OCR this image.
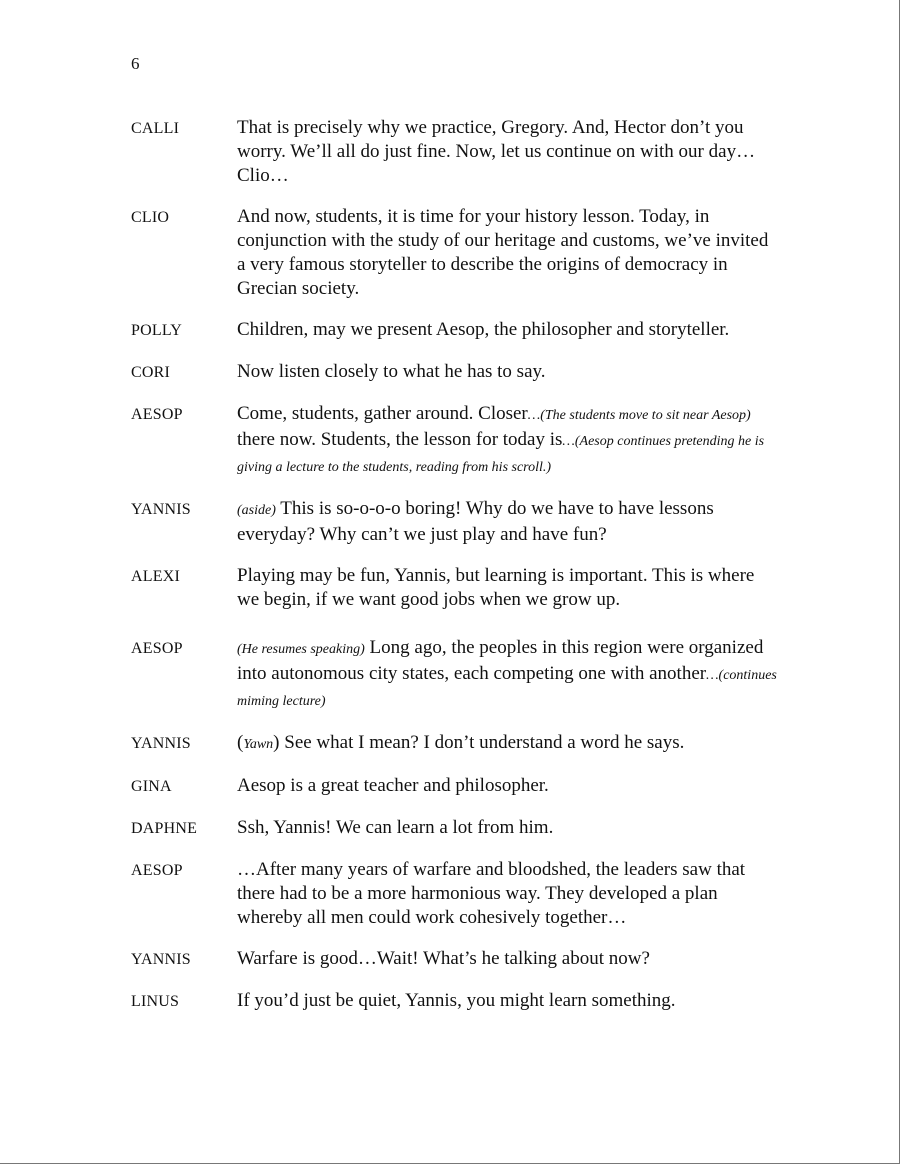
6
CALLI	That is precisely why we practice, Gregory. And, Hector don’t you worry. We’ll all do just fine. Now, let us continue on with our day…Clio…
CLIO	And now, students, it is time for your history lesson. Today, in conjunction with the study of our heritage and customs, we’ve invited a very famous storyteller to describe the origins of democracy in Grecian society.
POLLY	Children, may we present Aesop, the philosopher and storyteller.
CORI	Now listen closely to what he has to say.
AESOP	Come, students, gather around. Closer…(The students move to sit near Aesop) there now. Students, the lesson for today is…(Aesop continues pretending he is giving a lecture to the students, reading from his scroll.)
YANNIS	(aside) This is so-o-o-o boring! Why do we have to have lessons everyday? Why can’t we just play and have fun?
ALEXI	Playing may be fun, Yannis, but learning is important. This is where we begin, if we want good jobs when we grow up.
AESOP	(He resumes speaking) Long ago, the peoples in this region were organized into autonomous city states, each competing one with another…(continues miming lecture)
YANNIS	(Yawn) See what I mean? I don’t understand a word he says.
GINA	Aesop is a great teacher and philosopher.
DAPHNE	Ssh, Yannis! We can learn a lot from him.
AESOP	…After many years of warfare and bloodshed, the leaders saw that there had to be a more harmonious way. They developed a plan whereby all men could work cohesively together…
YANNIS	Warfare is good…Wait! What’s he talking about now?
LINUS	If you’d just be quiet, Yannis, you might learn something.
